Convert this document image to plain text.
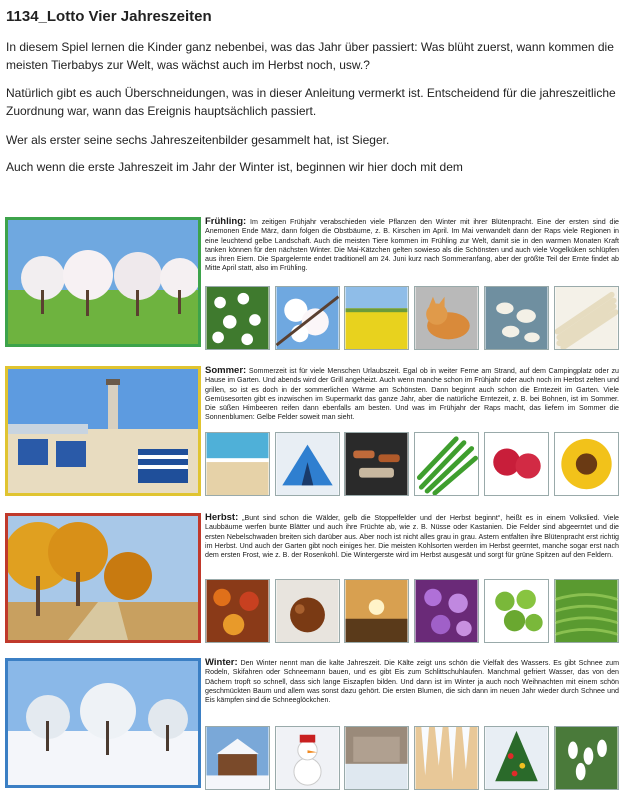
1134_Lotto Vier Jahreszeiten

In diesem Spiel lernen die Kinder ganz nebenbei, was das Jahr über passiert: Was blüht zuerst, wann kommen die meisten Tierbabys zur Welt, was wächst auch im Herbst noch, usw.?

Natürlich gibt es auch Überschneidungen, was in dieser Anleitung vermerkt ist. Entscheidend für die jahreszeitliche Zuordnung war, wann das Ereignis hauptsächlich passiert.

Wer als erster seine sechs Jahreszeitenbilder gesammelt hat, ist Sieger.

Auch wenn die erste Jahreszeit im Jahr der Winter ist, beginnen wir hier doch mit dem

Frühling: Im zeitigen Frühjahr verabschieden viele Pflanzen den Winter mit ihrer Blütenpracht. Eine der ersten sind die Anemonen Ende März, dann folgen die Obstbäume, z. B. Kirschen im April. Im Mai verwandelt dann der Raps viele Regionen in eine leuchtend gelbe Landschaft. Auch die meisten Tiere kommen im Frühling zur Welt, damit sie in den warmen Monaten Kraft tanken können für den nächsten Winter. Die Mai-Kätzchen gelten sowieso als die Schönsten und auch viele Vogelküken schlüpfen aus ihren Eiern. Die Spargelernte endet traditionell am 24. Juni kurz nach Sommeranfang, aber der größte Teil der Ernte findet ab Mitte April statt, also im Frühling.
Sommer: Sommerzeit ist für viele Menschen Urlaubszeit. Egal ob in weiter Ferne am Strand, auf dem Campingplatz oder zu Hause im Garten. Und abends wird der Grill angeheizt. Auch wenn manche schon im Frühjahr oder auch noch im Herbst zelten und grillen, so ist es doch in der sommerlichen Wärme am Schönsten. Dann beginnt auch schon die Erntezeit im Garten. Viele Gemüsesorten gibt es inzwischen im Supermarkt das ganze Jahr, aber die natürliche Erntezeit, z. B. bei Bohnen, ist im Sommer. Die süßen Himbeeren reifen dann ebenfalls am besten. Und was im Frühjahr der Raps macht, das liefern im Sommer die Sonnenblumen: Gelbe Felder soweit man sieht.
Herbst: „Bunt sind schon die Wälder, gelb die Stoppelfelder und der Herbst beginnt“, heißt es in einem Volkslied. Viele Laubbäume werfen bunte Blätter und auch ihre Früchte ab, wie z. B. Nüsse oder Kastanien. Die Felder sind abgeerntet und die ersten Nebelschwaden breiten sich darüber aus. Aber noch ist nicht alles grau in grau. Astern entfalten ihre Blütenpracht erst richtig im Herbst. Und auch der Garten gibt noch einiges her. Die meisten Kohlsorten werden im Herbst geerntet, manche sogar erst nach dem ersten Frost, wie z. B. der Rosenkohl. Die Wintergerste wird im Herbst ausgesät und sorgt für grüne Spitzen auf den Feldern.
Winter: Den Winter nennt man die kalte Jahreszeit. Die Kälte zeigt uns schön die Vielfalt des Wassers. Es gibt Schnee zum Rodeln, Skifahren oder Schneemann bauen, und es gibt Eis zum Schlittschuhlaufen. Manchmal gefriert Wasser, das von den Dächern tropft so schnell, dass sich lange Eiszapfen bilden. Und dann ist im Winter ja auch noch Weihnachten mit einem schön geschmückten Baum und allem was sonst dazu gehört. Die ersten Blumen, die sich dann im neuen Jahr wieder durch Schnee und Eis kämpfen sind die Schneeglöckchen.
